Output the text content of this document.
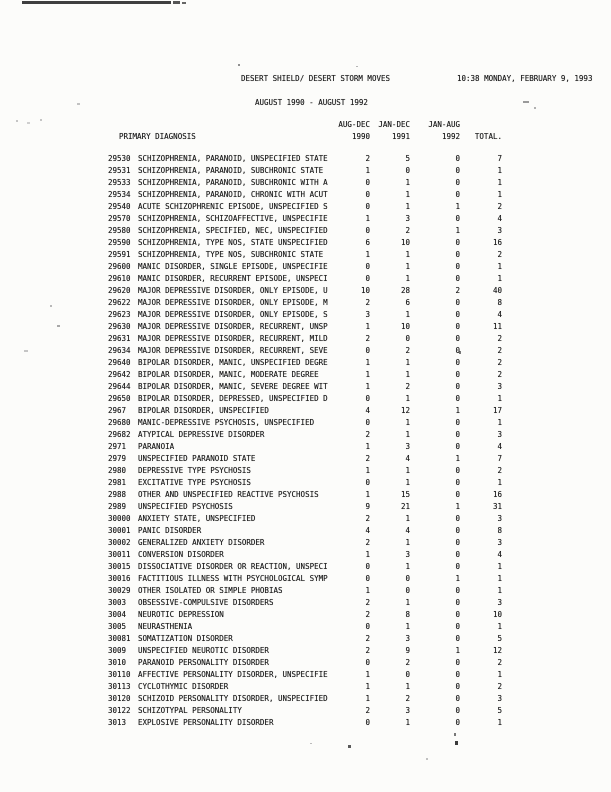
DESERT SHIELD/ DESERT STORM MOVES	10:38 MONDAY, FEBRUARY 9, 1993
AUGUST 1990 - AUGUST 1992
AUG-DEC	JAN-DEC	JAN-AUG
1990	1991	1992	TOTAL.
PRIMARY DIAGNOSIS
29530 SCHIZOPHRENIA, PARANOID, UNSPECIFIED STATE	2	5	0	7
29531 SCHIZOPHRENIA, PARANOID, SUBCHRONIC STATE	1	0	0	1
29533 SCHIZOPHRENIA, PARANOID, SUBCHRONIC WITH A	0	1	0	1
29534 SCHIZOPHRENIA, PARANOID, CHRONIC WITH ACUT	0	1	0	1
29540 ACUTE SCHIZOPHRENIC EPISODE, UNSPECIFIED S	0	1	1	2
29570 SCHIZOPHRENIA, SCHIZOAFFECTIVE, UNSPECIFIE	1	3	0	4
29580 SCHIZOPHRENIA, SPECIFIED, NEC, UNSPECIFIED	0	2	1	3
29590 SCHIZOPHRENIA, TYPE NOS, STATE UNSPECIFIED	6	10	0	16
29591 SCHIZOPHRENIA, TYPE NOS, SUBCHRONIC STATE	1	1	0	2
29600 MANIC DISORDER, SINGLE EPISODE, UNSPECIFIE	0	1	0	1
29610 MANIC DISORDER, RECURRENT EPISODE, UNSPECI	0	1	0	1
29620 MAJOR DEPRESSIVE DISORDER, ONLY EPISODE, U	10	28	2	40
29622 MAJOR DEPRESSIVE DISORDER, ONLY EPISODE, M	2	6	0	8
29623 MAJOR DEPRESSIVE DISORDER, ONLY EPISODE, S	3	1	0	4
29630 MAJOR DEPRESSIVE DISORDER, RECURRENT, UNSP	1	10	0	11
29631 MAJOR DEPRESSIVE DISORDER, RECURRENT, MILD	2	0	0	2
29634 MAJOR DEPRESSIVE DISORDER, RECURRENT, SEVE	0	2	0	2
29640 BIPOLAR DISORDER, MANIC, UNSPECIFIED DEGRE	1	1	0	2
29642 BIPOLAR DISORDER, MANIC, MODERATE DEGREE	1	1	0	2
29644 BIPOLAR DISORDER, MANIC, SEVERE DEGREE WIT	1	2	0	3
29650 BIPOLAR DISORDER, DEPRESSED, UNSPECIFIED D	0	1	0	1
2967	BIPOLAR DISORDER, UNSPECIFIED	4	12	1	17
29680 MANIC-DEPRESSIVE PSYCHOSIS, UNSPECIFIED	0	1	0	1
29682 ATYPICAL DEPRESSIVE DISORDER	2	1	0	3
2971	PARANOIA	1	3	0	4
2979	UNSPECIFIED PARANOID STATE	2	4	1	7
2980	DEPRESSIVE TYPE PSYCHOSIS	1	1	0	2
2981	EXCITATIVE TYPE PSYCHOSIS	0	1	0	1
2988	OTHER AND UNSPECIFIED REACTIVE PSYCHOSIS	1	15	0	16
2989	UNSPECIFIED PSYCHOSIS	9	21	1	31
30000 ANXIETY STATE, UNSPECIFIED	2	1	0	3
30001 PANIC DISORDER	4	4	0	8
30002 GENERALIZED ANXIETY DISORDER	2	1	0	3
30011 CONVERSION DISORDER	1	3	0	4
30015 DISSOCIATIVE DISORDER OR REACTION, UNSPECI	0	1	0	1
30016 FACTITIOUS ILLNESS WITH PSYCHOLOGICAL SYMP	0	0	1	1
30029 OTHER ISOLATED OR SIMPLE PHOBIAS	1	0	0	1
3003	OBSESSIVE-COMPULSIVE DISORDERS	2	1	0	3
3004	NEUROTIC DEPRESSION	2	8	0	10
3005	NEURASTHENIA	0	1	0	1
30081 SOMATIZATION DISORDER	2	3	0	5
3009	UNSPECIFIED NEUROTIC DISORDER	2	9	1	12
3010	PARANOID PERSONALITY DISORDER	0	2	0	2
30110 AFFECTIVE PERSONALITY DISORDER, UNSPECIFIE	1	0	0	1
30113 CYCLOTHYMIC DISORDER	1	1	0	2
30120 SCHIZOID PERSONALITY DISORDER, UNSPECIFIED	1	2	0	3
30122 SCHIZOTYPAL PERSONALITY	2	3	0	5
3013	EXPLOSIVE PERSONALITY DISORDER	0	1	0	1
